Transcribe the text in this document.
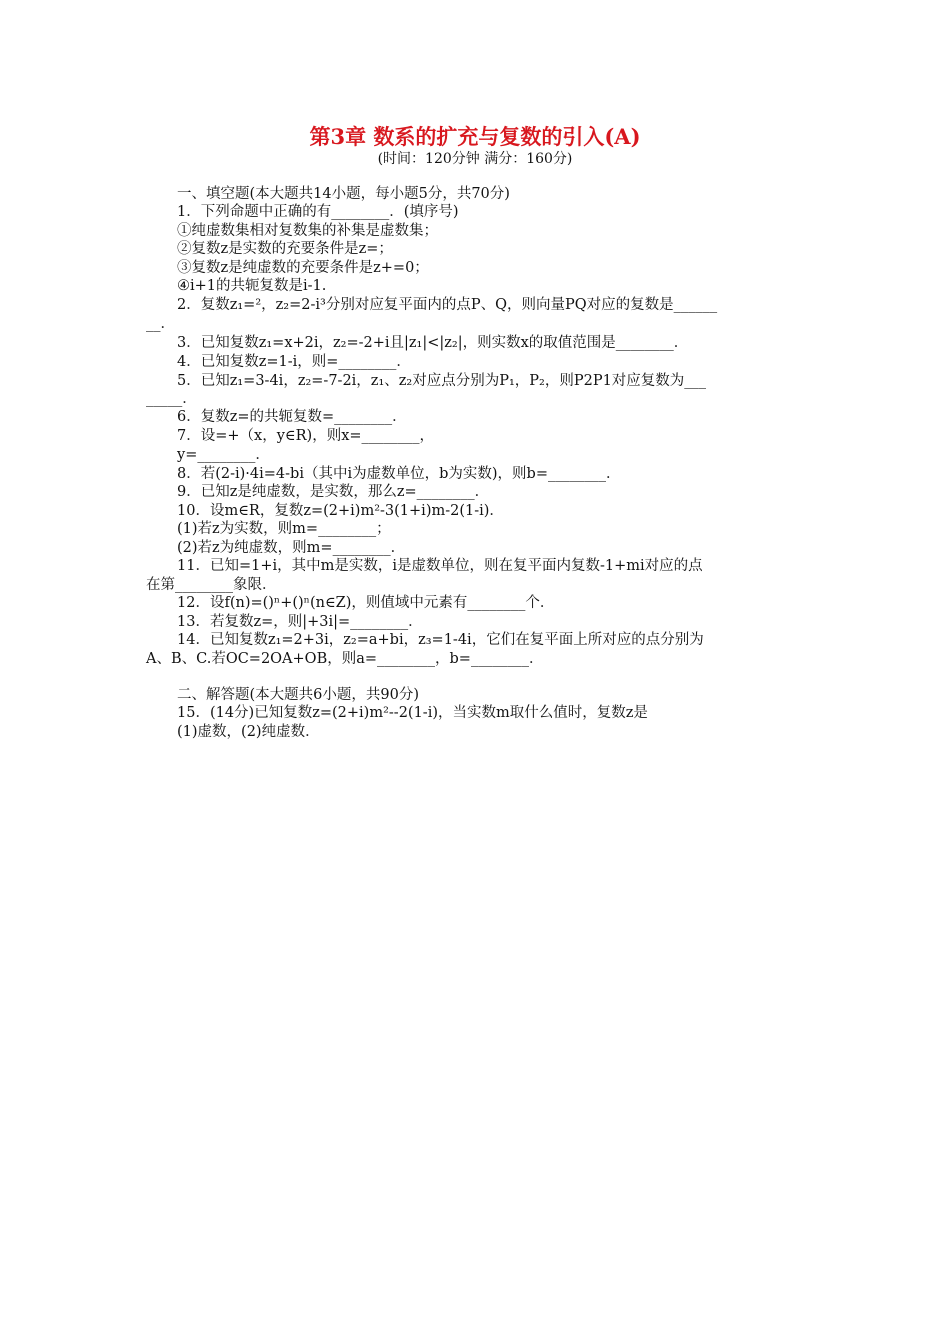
第3章 数系的扩充与复数的引入(A)
(时间：120分钟 满分：160分)
一、填空题(本大题共14小题，每小题5分，共70分)
1．下列命题中正确的有________．(填序号)
①纯虚数集相对复数集的补集是虚数集；
②复数z是实数的充要条件是z=；
③复数z是纯虚数的充要条件是z+=0；
④i+1的共轭复数是i-1.
2．复数z₁=²，z₂=2-i³分别对应复平面内的点P、Q，则向量PQ对应的复数是______
__．
3．已知复数z₁=x+2i，z₂=-2+i且|z₁|<|z₂|，则实数x的取值范围是________．
4．已知复数z=1-i，则=________．
5．已知z₁=3-4i，z₂=-7-2i，z₁、z₂对应点分别为P₁，P₂，则P2P1对应复数为___
_____．
6．复数z=的共轭复数=________．
7．设=+（x，y∈R)，则x=________，
y=________．
8．若(2-i)·4i=4-bi（其中i为虚数单位，b为实数)，则b=________．
9．已知z是纯虚数，是实数，那么z=________．
10．设m∈R，复数z=(2+i)m²-3(1+i)m-2(1-i)．
(1)若z为实数，则m=________；
(2)若z为纯虚数，则m=________．
11．已知=1+i，其中m是实数，i是虚数单位，则在复平面内复数-1+mi对应的点
在第________象限．
12．设f(n)=()ⁿ+()ⁿ(n∈Z)，则值域中元素有________个．
13．若复数z=，则|+3i|=________．
14．已知复数z₁=2+3i，z₂=a+bi，z₃=1-4i，它们在复平面上所对应的点分别为
A、B、C.若OC=2OA+OB，则a=________，b=________．
二、解答题(本大题共6小题，共90分)
15．(14分)已知复数z=(2+i)m²--2(1-i)，当实数m取什么值时，复数z是
(1)虚数，(2)纯虚数．
